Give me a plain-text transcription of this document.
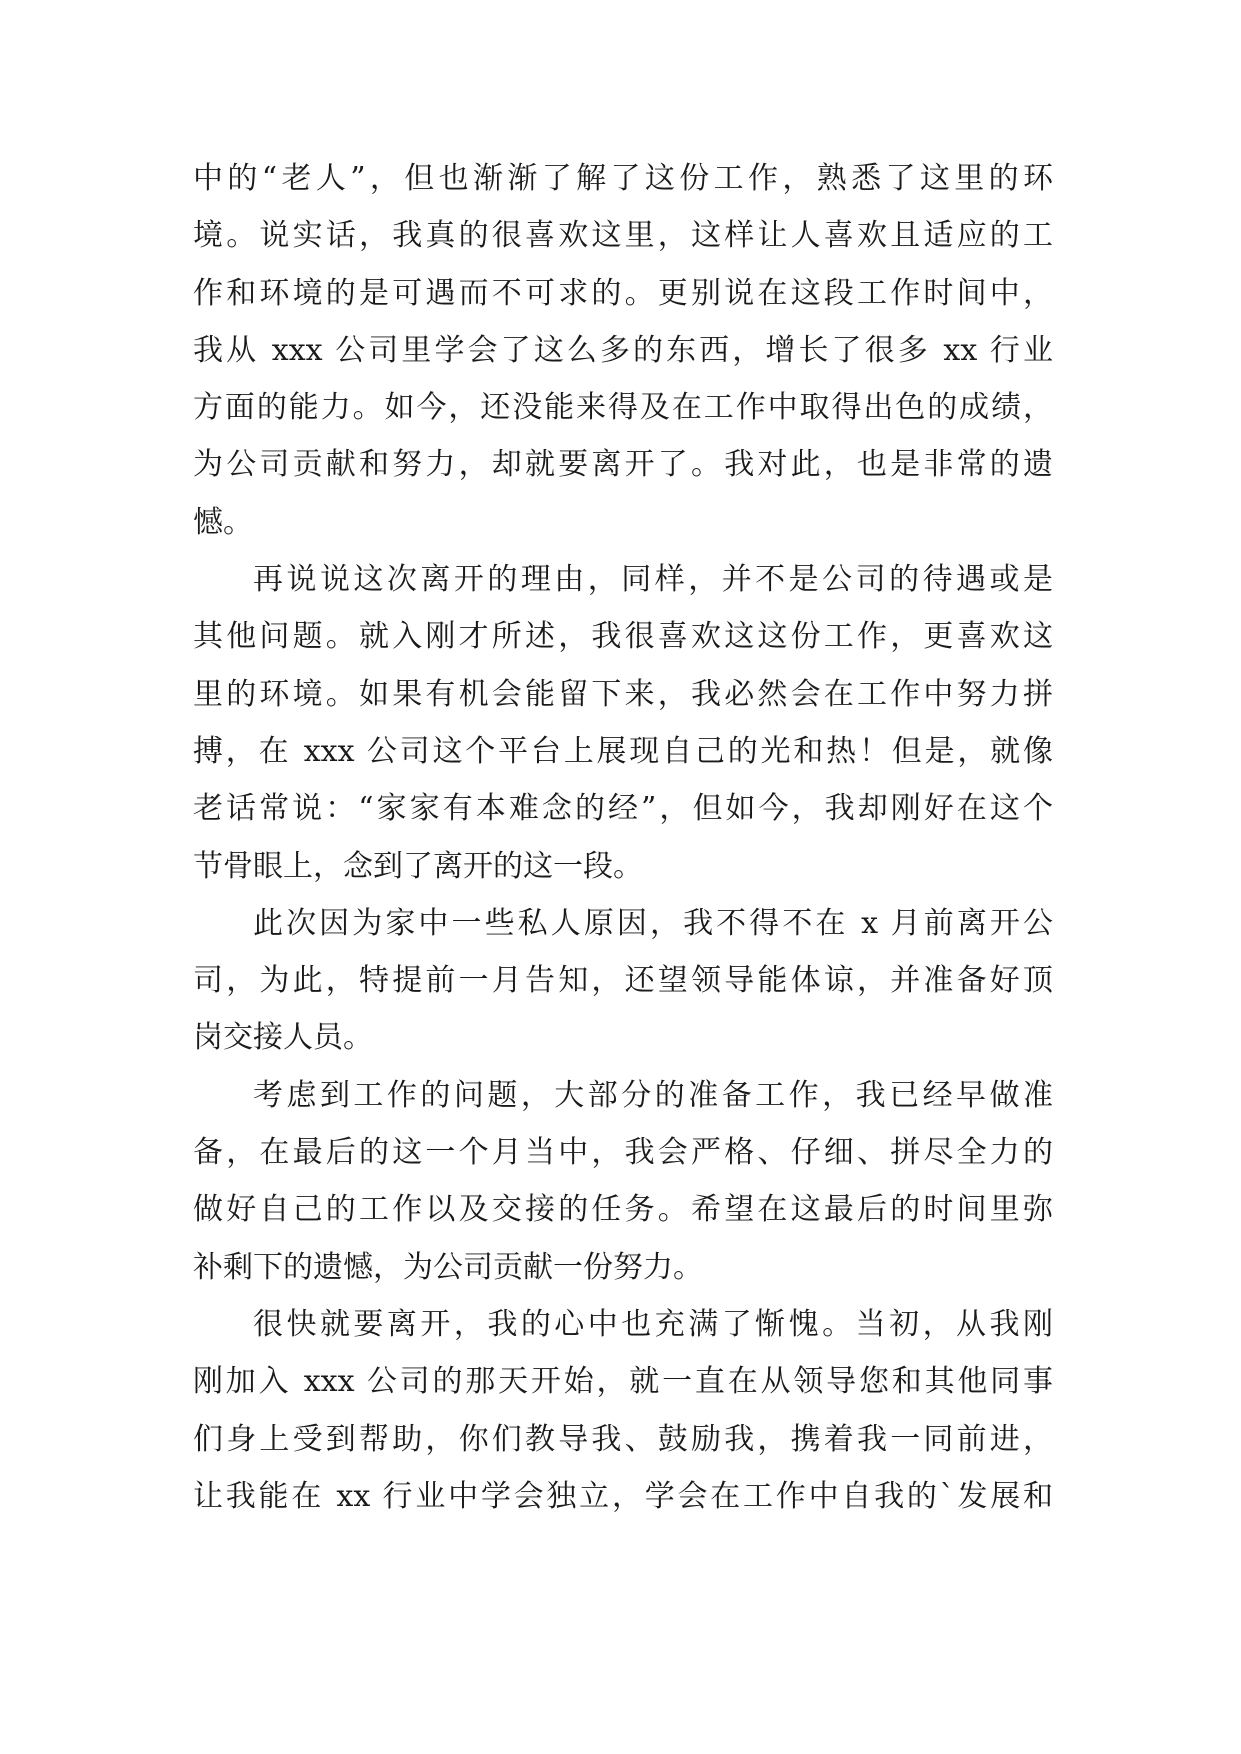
中的“老人”，但也渐渐了解了这份工作，熟悉了这里的环
境。说实话，我真的很喜欢这里，这样让人喜欢且适应的工
作和环境的是可遇而不可求的。更别说在这段工作时间中，
我从 xxx 公司里学会了这么多的东西，增长了很多 xx 行业
方面的能力。如今，还没能来得及在工作中取得出色的成绩，
为公司贡献和努力，却就要离开了。我对此，也是非常的遗
憾。
再说说这次离开的理由，同样，并不是公司的待遇或是
其他问题。就入刚才所述，我很喜欢这这份工作，更喜欢这
里的环境。如果有机会能留下来，我必然会在工作中努力拼
搏，在 xxx 公司这个平台上展现自己的光和热！但是，就像
老话常说：“家家有本难念的经”，但如今，我却刚好在这个
节骨眼上，念到了离开的这一段。
此次因为家中一些私人原因，我不得不在 x 月前离开公
司，为此，特提前一月告知，还望领导能体谅，并准备好顶
岗交接人员。
考虑到工作的问题，大部分的准备工作，我已经早做准
备，在最后的这一个月当中，我会严格、仔细、拼尽全力的
做好自己的工作以及交接的任务。希望在这最后的时间里弥
补剩下的遗憾，为公司贡献一份努力。
很快就要离开，我的心中也充满了惭愧。当初，从我刚
刚加入 xxx 公司的那天开始，就一直在从领导您和其他同事
们身上受到帮助，你们教导我、鼓励我，携着我一同前进，
让我能在 xx 行业中学会独立，学会在工作中自我的`发展和
